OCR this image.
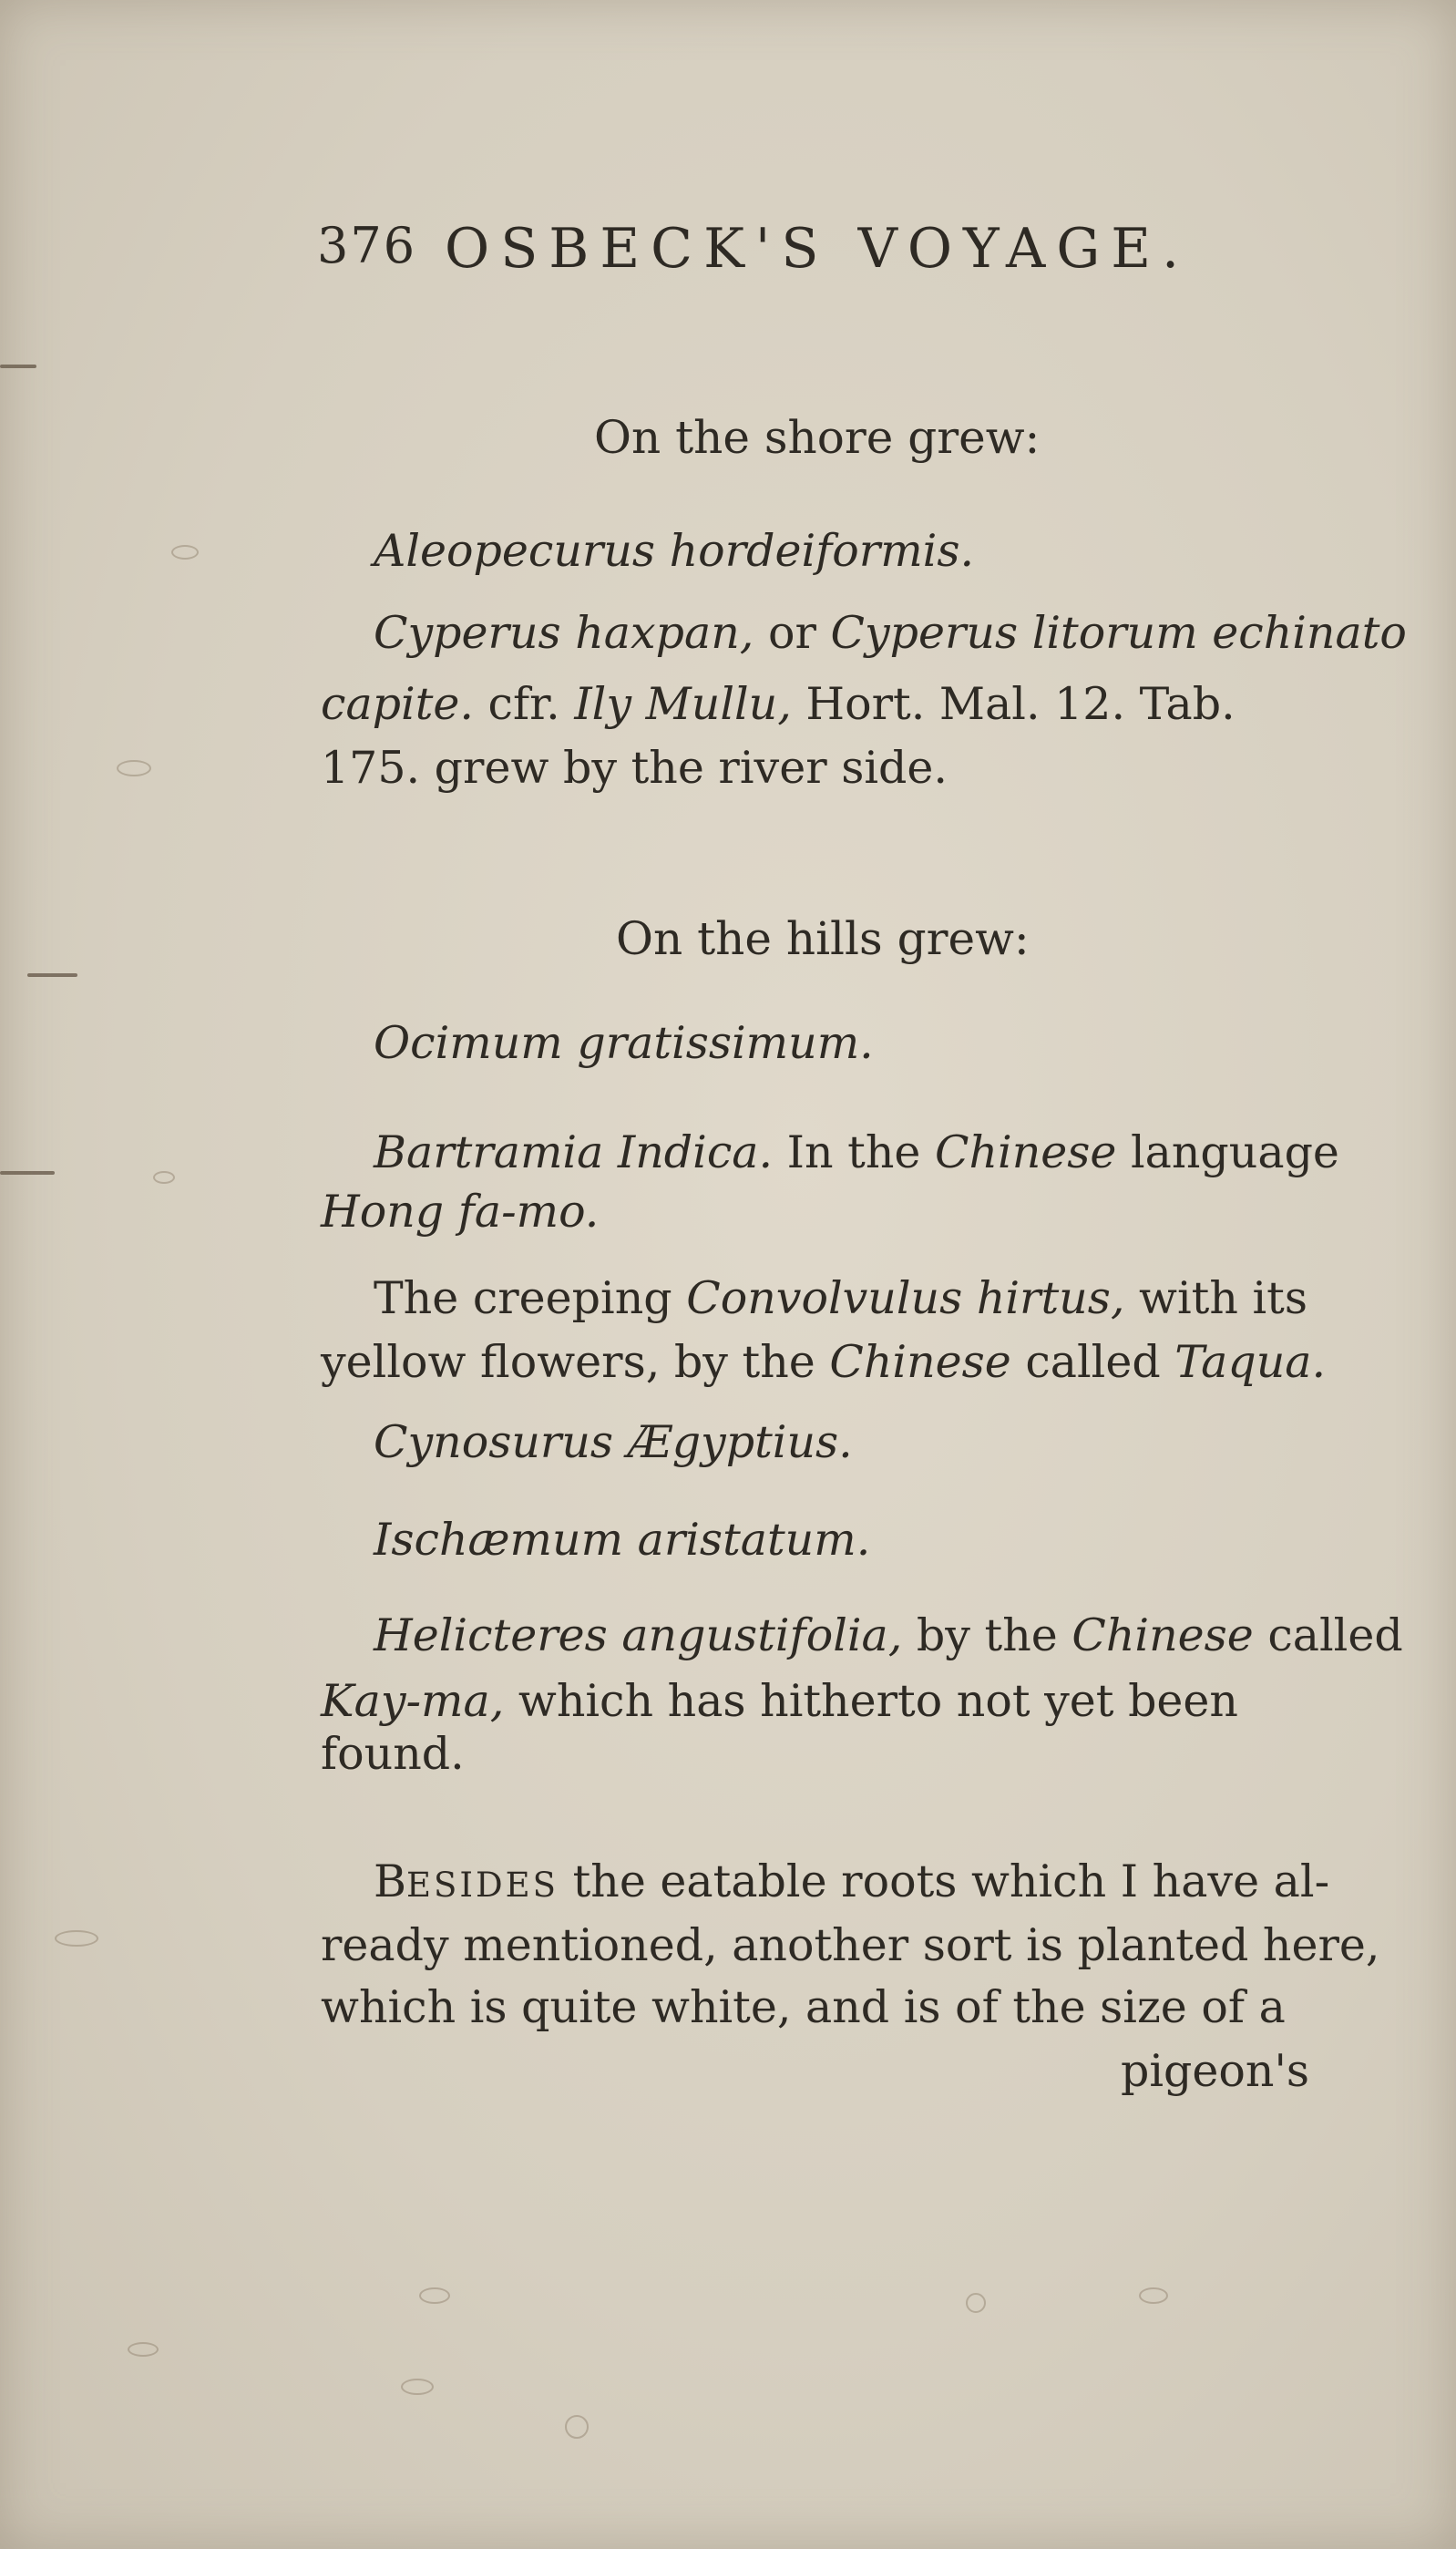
376 OSBECK'S VOYAGE.
On the shore grew:
Aleopecurus hordeiformis.
Cyperus haxpan, or Cyperus litorum echinato
capite. cfr. Ily Mullu, Hort. Mal. 12. Tab.
175. grew by the river side.
On the hills grew:
Ocimum gratissimum.
Bartramia Indica. In the Chinese language
Hong fa-mo.
The creeping Convolvulus hirtus, with its
yellow flowers, by the Chinese called Taqua.
Cynosurus Ægyptius.
Ischæmum aristatum.
Helicteres angustifolia, by the Chinese called
Kay-ma, which has hitherto not yet been
found.
BESIDES the eatable roots which I have al-
ready mentioned, another sort is planted here,
which is quite white, and is of the size of a
pigeon's
